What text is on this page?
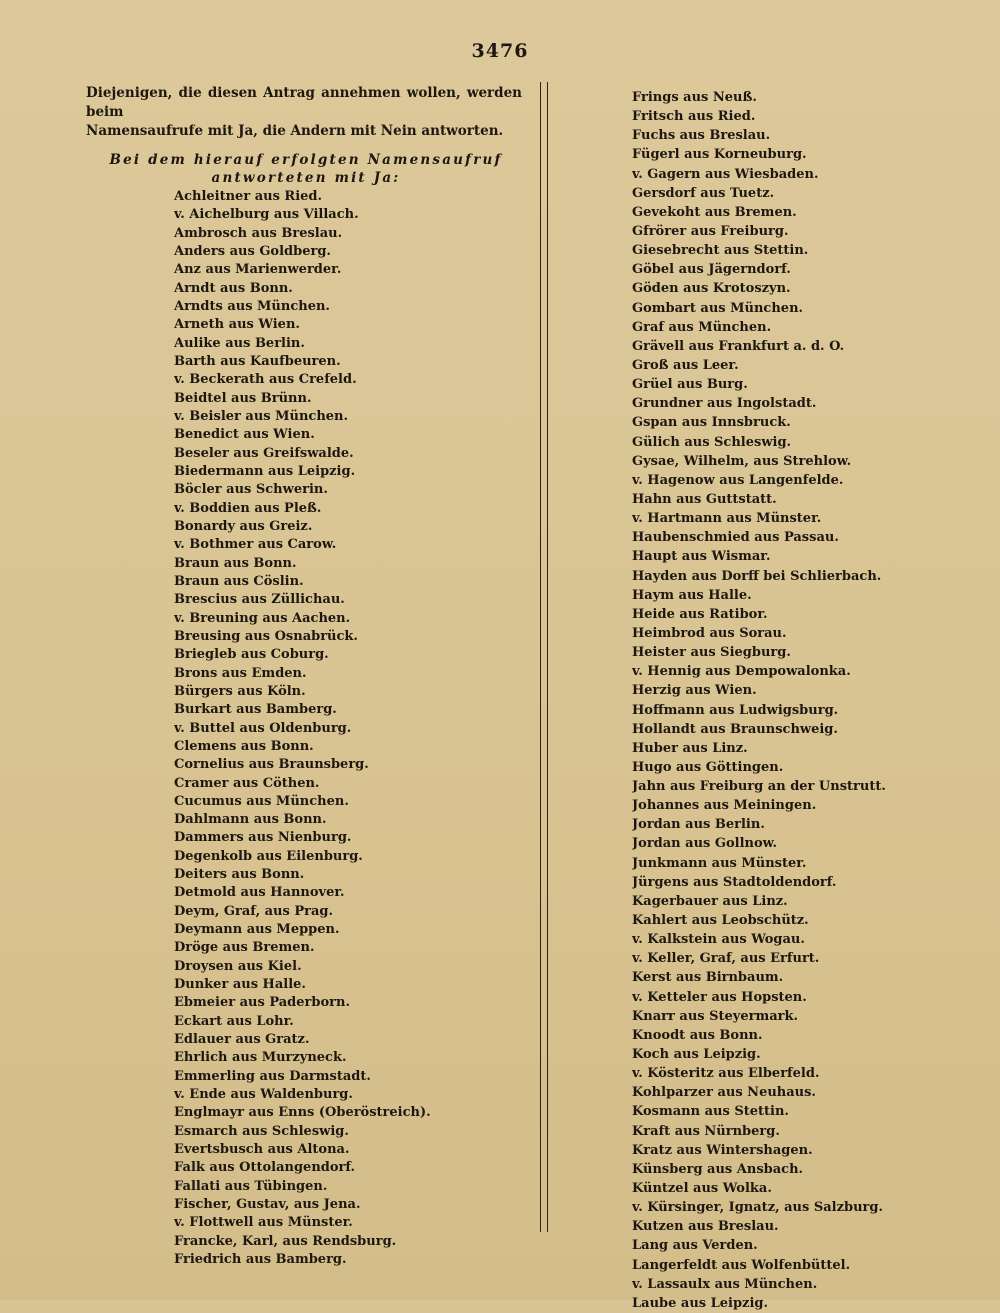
3476

Diejenigen, die diesen Antrag annehmen wollen, werden beim
Namensaufrufe mit Ja, die Andern mit Nein antworten.

Bei dem hierauf erfolgten Namensaufruf
antworteten mit Ja:
Achleitner aus Ried.
v. Aichelburg aus Villach.
Ambrosch aus Breslau.
Anders aus Goldberg.
Anz aus Marienwerder.
Arndt aus Bonn.
Arndts aus München.
Arneth aus Wien.
Aulike aus Berlin.
Barth aus Kaufbeuren.
v. Beckerath aus Crefeld.
Beidtel aus Brünn.
v. Beisler aus München.
Benedict aus Wien.
Beseler aus Greifswalde.
Biedermann aus Leipzig.
Böcler aus Schwerin.
v. Boddien aus Pleß.
Bonardy aus Greiz.
v. Bothmer aus Carow.
Braun aus Bonn.
Braun aus Cöslin.
Brescius aus Züllichau.
v. Breuning aus Aachen.
Breusing aus Osnabrück.
Briegleb aus Coburg.
Brons aus Emden.
Bürgers aus Köln.
Burkart aus Bamberg.
v. Buttel aus Oldenburg.
Clemens aus Bonn.
Cornelius aus Braunsberg.
Cramer aus Cöthen.
Cucumus aus München.
Dahlmann aus Bonn.
Dammers aus Nienburg.
Degenkolb aus Eilenburg.
Deiters aus Bonn.
Detmold aus Hannover.
Deym, Graf, aus Prag.
Deymann aus Meppen.
Dröge aus Bremen.
Droysen aus Kiel.
Dunker aus Halle.
Ebmeier aus Paderborn.
Eckart aus Lohr.
Edlauer aus Gratz.
Ehrlich aus Murzyneck.
Emmerling aus Darmstadt.
v. Ende aus Waldenburg.
Englmayr aus Enns (Oberöstreich).
Esmarch aus Schleswig.
Evertsbusch aus Altona.
Falk aus Ottolangendorf.
Fallati aus Tübingen.
Fischer, Gustav, aus Jena.
v. Flottwell aus Münster.
Francke, Karl, aus Rendsburg.
Friedrich aus Bamberg.
Frings aus Neuß.
Fritsch aus Ried.
Fuchs aus Breslau.
Fügerl aus Korneuburg.
v. Gagern aus Wiesbaden.
Gersdorf aus Tuetz.
Gevekoht aus Bremen.
Gfrörer aus Freiburg.
Giesebrecht aus Stettin.
Göbel aus Jägerndorf.
Göden aus Krotoszyn.
Gombart aus München.
Graf aus München.
Grävell aus Frankfurt a. d. O.
Groß aus Leer.
Grüel aus Burg.
Grundner aus Ingolstadt.
Gspan aus Innsbruck.
Gülich aus Schleswig.
Gysae, Wilhelm, aus Strehlow.
v. Hagenow aus Langenfelde.
Hahn aus Guttstatt.
v. Hartmann aus Münster.
Haubenschmied aus Passau.
Haupt aus Wismar.
Hayden aus Dorff bei Schlierbach.
Haym aus Halle.
Heide aus Ratibor.
Heimbrod aus Sorau.
Heister aus Siegburg.
v. Hennig aus Dempowalonka.
Herzig aus Wien.
Hoffmann aus Ludwigsburg.
Hollandt aus Braunschweig.
Huber aus Linz.
Hugo aus Göttingen.
Jahn aus Freiburg an der Unstrutt.
Johannes aus Meiningen.
Jordan aus Berlin.
Jordan aus Gollnow.
Junkmann aus Münster.
Jürgens aus Stadtoldendorf.
Kagerbauer aus Linz.
Kahlert aus Leobschütz.
v. Kalkstein aus Wogau.
v. Keller, Graf, aus Erfurt.
Kerst aus Birnbaum.
v. Ketteler aus Hopsten.
Knarr aus Steyermark.
Knoodt aus Bonn.
Koch aus Leipzig.
v. Kösteritz aus Elberfeld.
Kohlparzer aus Neuhaus.
Kosmann aus Stettin.
Kraft aus Nürnberg.
Kratz aus Wintershagen.
Künsberg aus Ansbach.
Küntzel aus Wolka.
v. Kürsinger, Ignatz, aus Salzburg.
Kutzen aus Breslau.
Lang aus Verden.
Langerfeldt aus Wolfenbüttel.
v. Lassaulx aus München.
Laube aus Leipzig.
